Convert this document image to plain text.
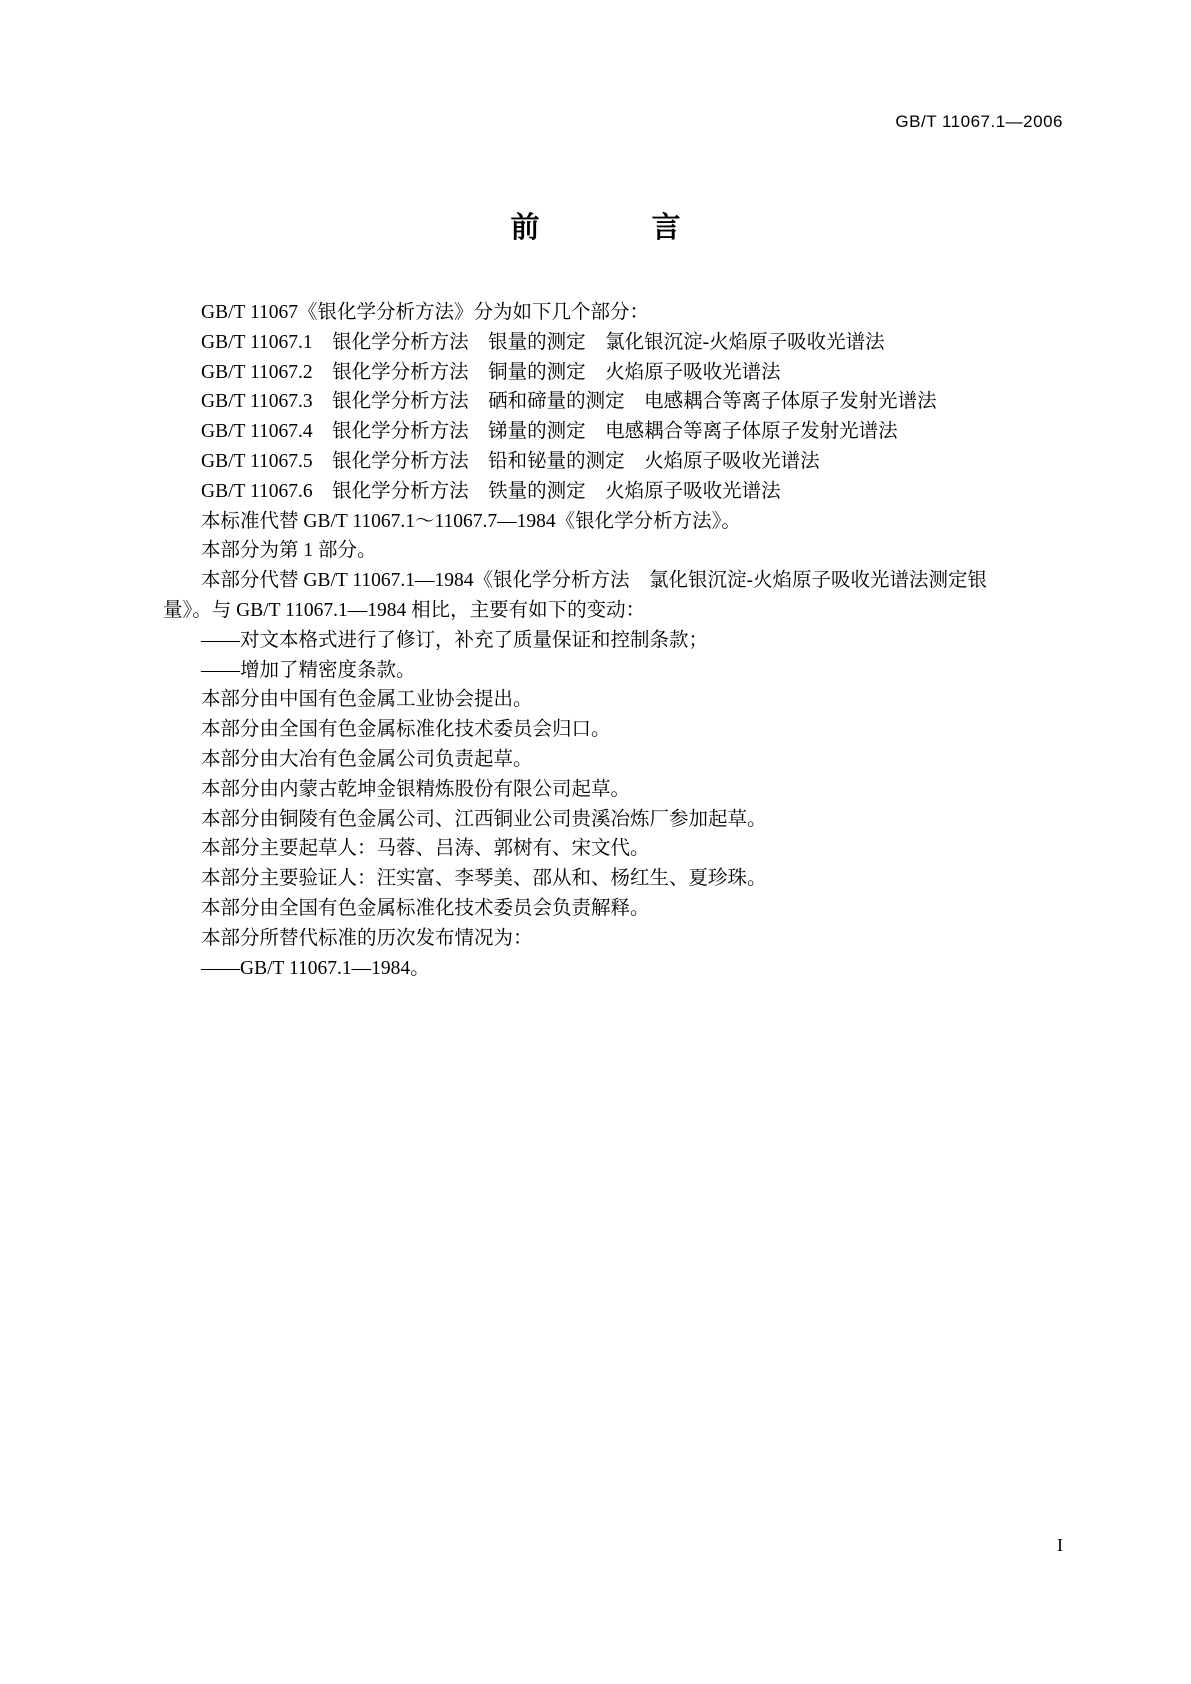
GB/T 11067.1—2006
前　　言
GB/T 11067《银化学分析方法》分为如下几个部分：
GB/T 11067.1　银化学分析方法　银量的测定　氯化银沉淀-火焰原子吸收光谱法
GB/T 11067.2　银化学分析方法　铜量的测定　火焰原子吸收光谱法
GB/T 11067.3　银化学分析方法　硒和碲量的测定　电感耦合等离子体原子发射光谱法
GB/T 11067.4　银化学分析方法　锑量的测定　电感耦合等离子体原子发射光谱法
GB/T 11067.5　银化学分析方法　铅和铋量的测定　火焰原子吸收光谱法
GB/T 11067.6　银化学分析方法　铁量的测定　火焰原子吸收光谱法
本标准代替 GB/T 11067.1～11067.7—1984《银化学分析方法》。
本部分为第 1 部分。
本部分代替 GB/T 11067.1—1984《银化学分析方法　氯化银沉淀-火焰原子吸收光谱法测定银量》。与 GB/T 11067.1—1984 相比，主要有如下的变动：
——对文本格式进行了修订，补充了质量保证和控制条款；
——增加了精密度条款。
本部分由中国有色金属工业协会提出。
本部分由全国有色金属标准化技术委员会归口。
本部分由大冶有色金属公司负责起草。
本部分由内蒙古乾坤金银精炼股份有限公司起草。
本部分由铜陵有色金属公司、江西铜业公司贵溪冶炼厂参加起草。
本部分主要起草人：马蓉、吕涛、郭树有、宋文代。
本部分主要验证人：汪实富、李琴美、邵从和、杨红生、夏珍珠。
本部分由全国有色金属标准化技术委员会负责解释。
本部分所替代标准的历次发布情况为：
——GB/T 11067.1—1984。
I
